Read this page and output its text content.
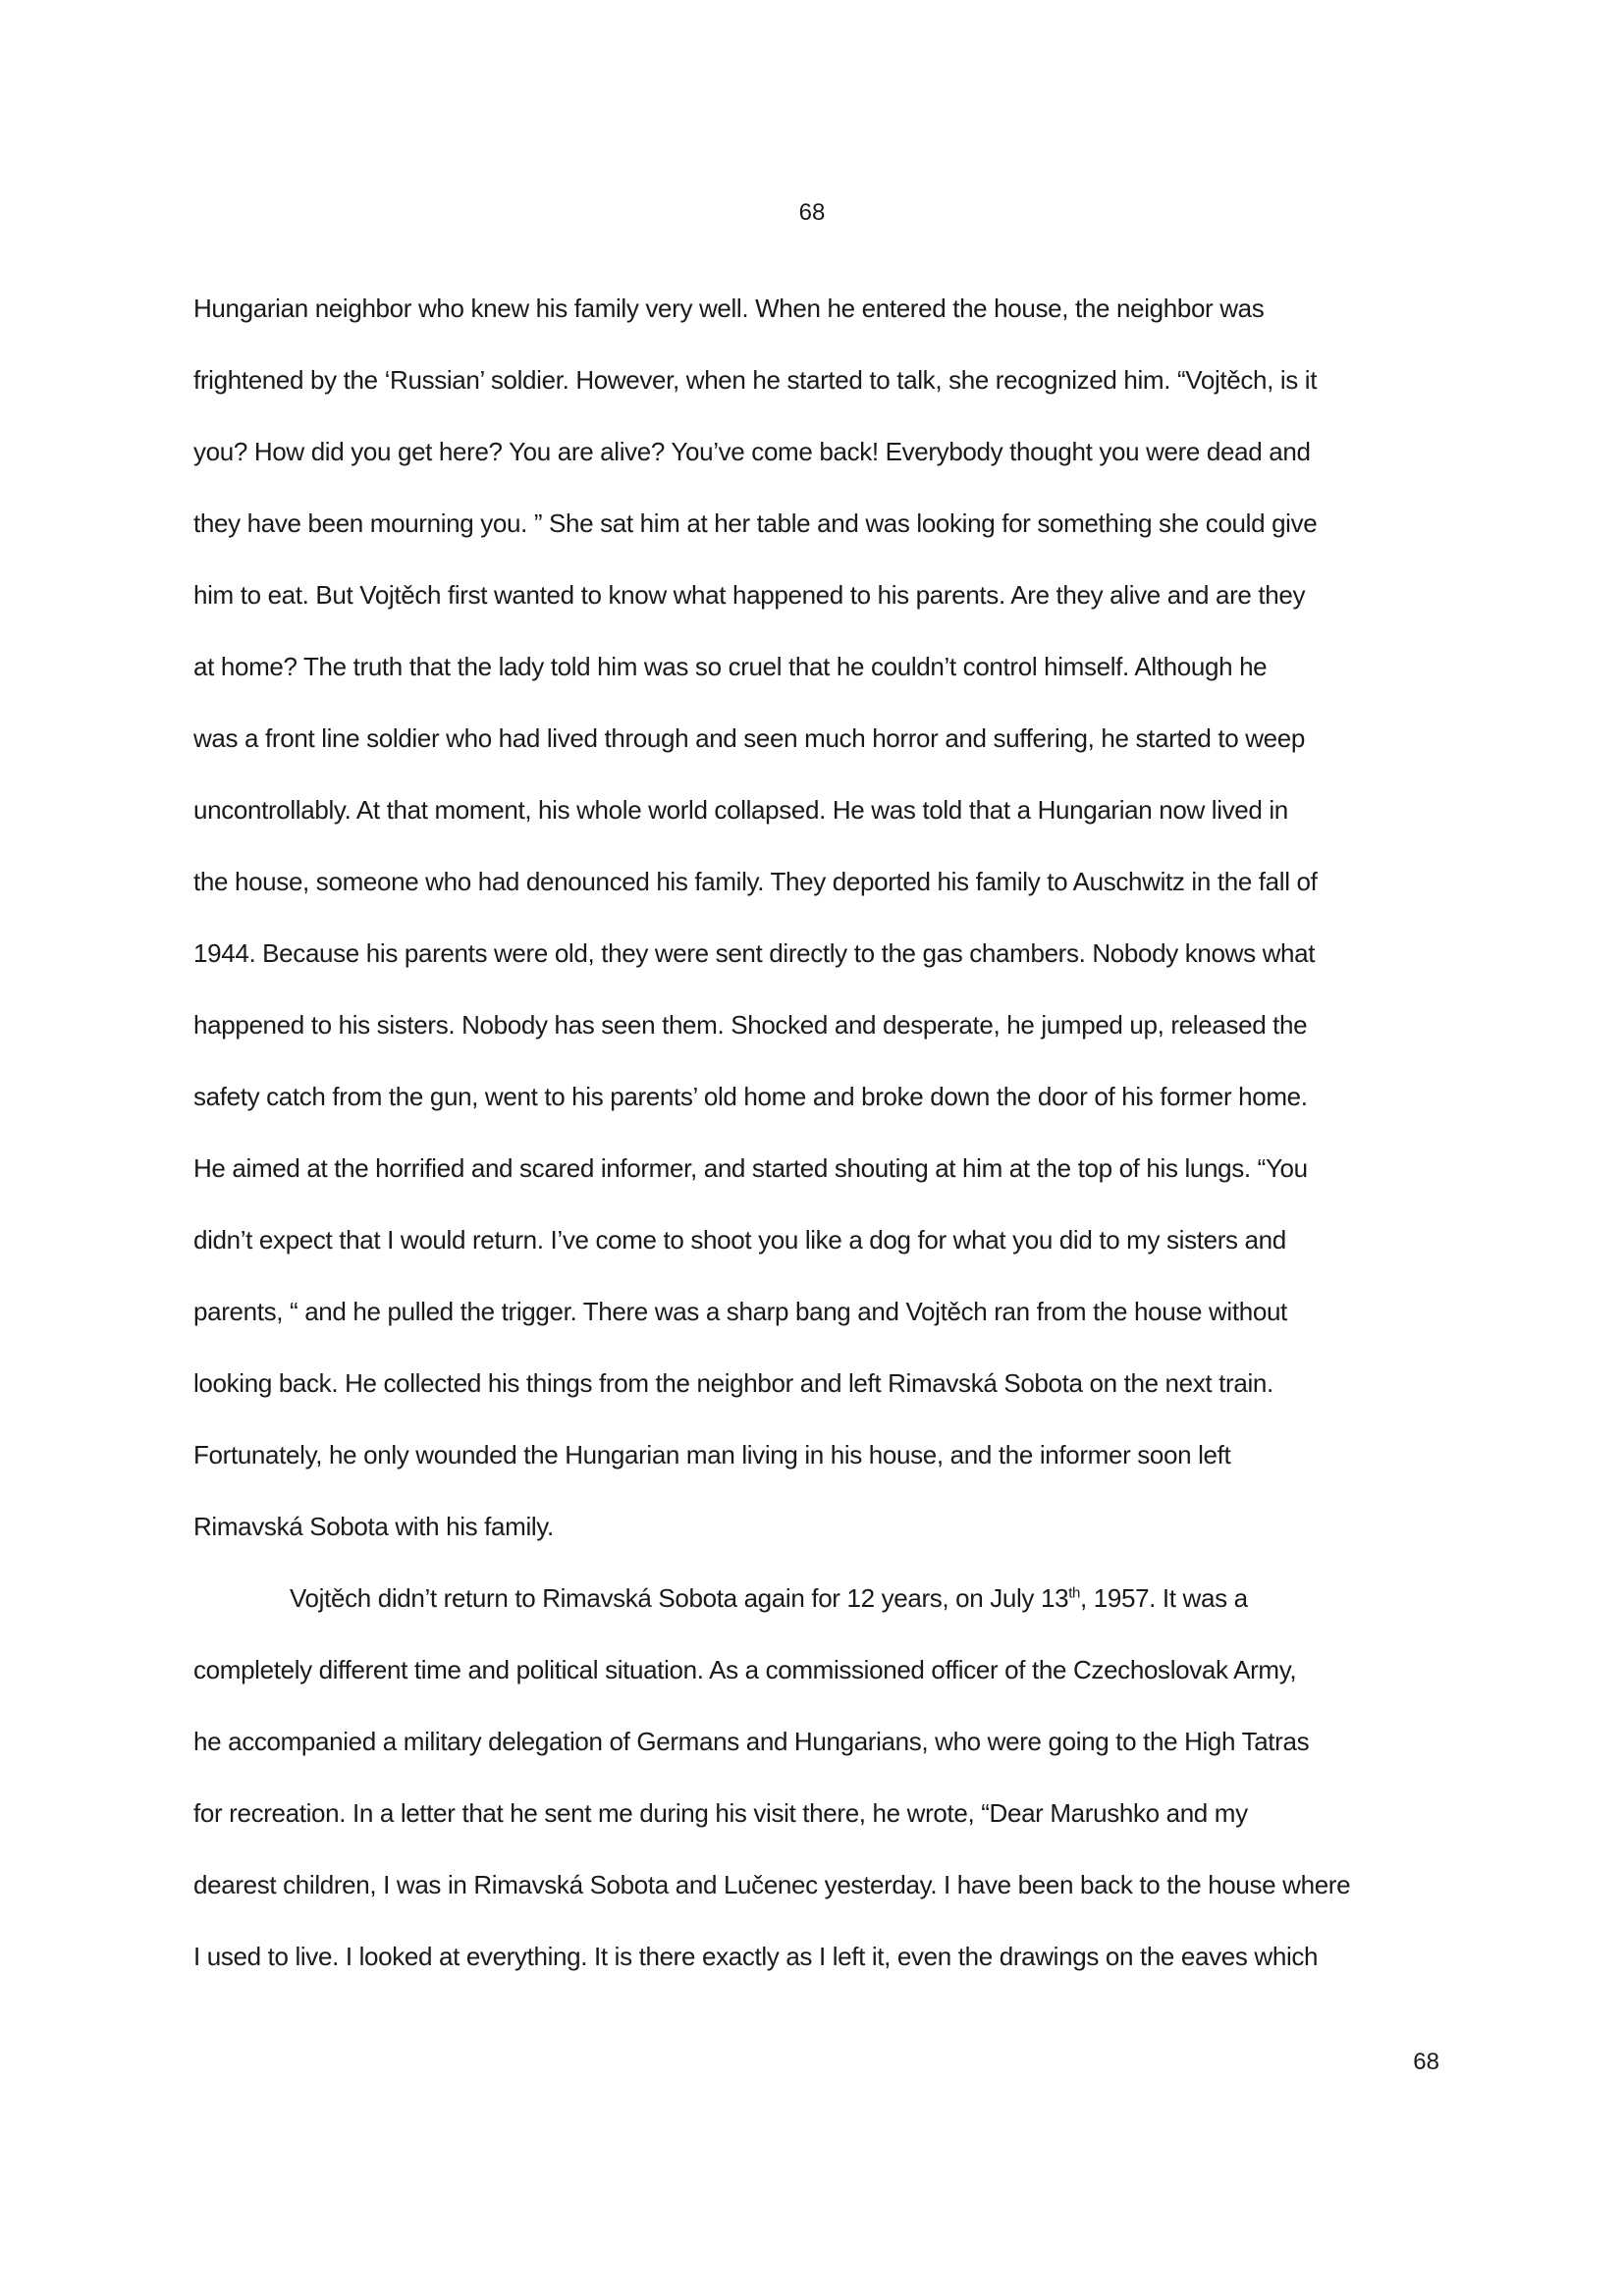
68
Hungarian neighbor who knew his family very well. When he entered the house, the neighbor was
frightened by the ‘Russian’ soldier. However, when he started to talk, she recognized him. “Vojtěch, is it
you? How did you get here? You are alive? You’ve come back! Everybody thought you were dead and
they have been mourning you. ” She sat him at her table and was looking for something she could give
him to eat. But Vojtěch first wanted to know what happened to his parents. Are they alive and are they
at home? The truth that the lady told him was so cruel that he couldn’t control himself. Although he
was a front line soldier who had lived through and seen much horror and suffering, he started to weep
uncontrollably. At that moment, his whole world collapsed. He was told that a Hungarian now lived in
the house, someone who had denounced his family. They deported his family to Auschwitz in the fall of
1944. Because his parents were old, they were sent directly to the gas chambers. Nobody knows what
happened to his sisters. Nobody has seen them. Shocked and desperate, he jumped up, released the
safety catch from the gun, went to his parents’ old home and broke down the door of his former home.
He aimed at the horrified and scared informer, and started shouting at him at the top of his lungs. “You
didn’t expect that I would return. I’ve come to shoot you like a dog for what you did to my sisters and
parents, “ and he pulled the trigger. There was a sharp bang and Vojtěch ran from the house without
looking back. He collected his things from the neighbor and left Rimavská Sobota on the next train.
Fortunately, he only wounded the Hungarian man living in his house, and the informer soon left
Rimavská Sobota with his family.
Vojtěch didn’t return to Rimavská Sobota again for 12 years, on July 13th, 1957. It was a
completely different time and political situation. As a commissioned officer of the Czechoslovak Army,
he accompanied a military delegation of Germans and Hungarians, who were going to the High Tatras
for recreation. In a letter that he sent me during his visit there, he wrote, “Dear Marushko and my
dearest children, I was in Rimavská Sobota and Lučenec yesterday. I have been back to the house where
I used to live. I looked at everything. It is there exactly as I left it, even the drawings on the eaves which
68
